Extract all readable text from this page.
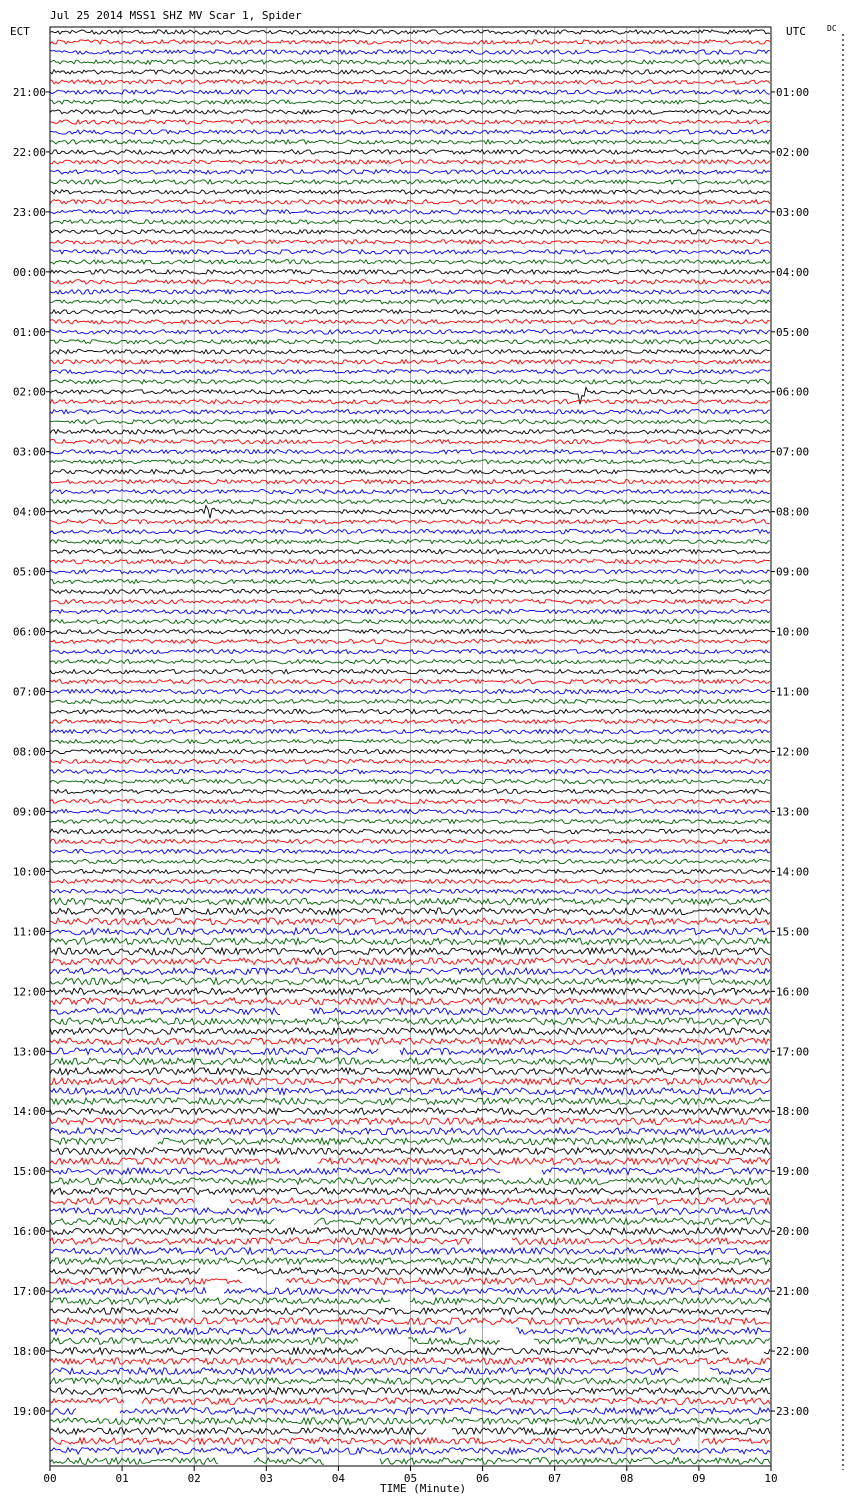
Jul 25 2014 MSS1 SHZ MV Scar 1, Spider
ECT	UTC	DC
TIME (Minute)
21:00
22:00
23:00
00:00
01:00
02:00
03:00
04:00
05:00
06:00
07:00
08:00
09:00
10:00
11:00
12:00
13:00
14:00
15:00
16:00
17:00
18:00
19:00
01:00
02:00
03:00
04:00
05:00
06:00
07:00
08:00
09:00
10:00
11:00
12:00
13:00
14:00
15:00
16:00
17:00
18:00
19:00
20:00
21:00
22:00
23:00
00	01	02	03	04	05	06	07	08	09	10
